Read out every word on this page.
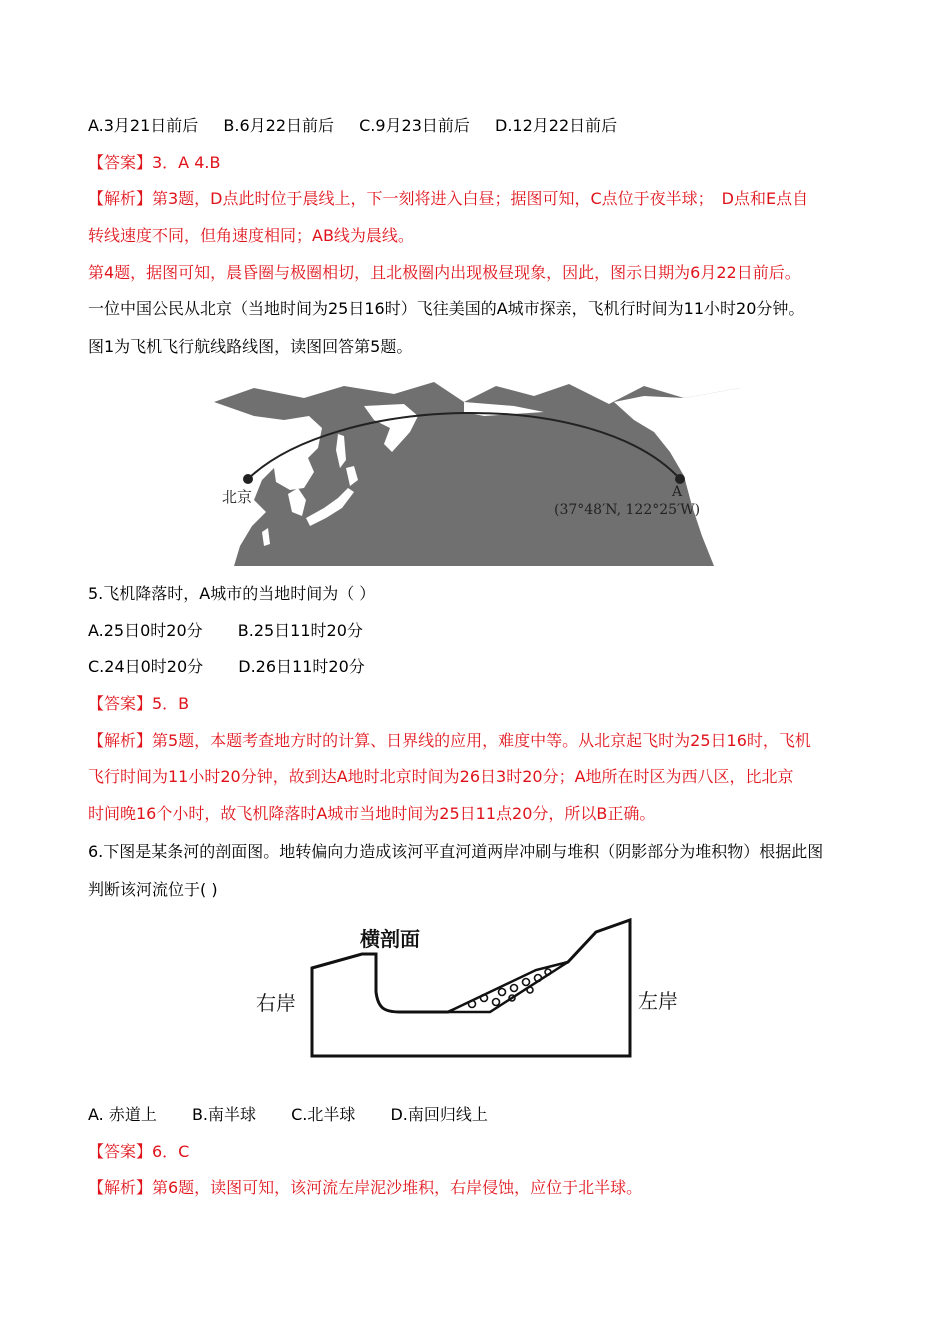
A.3月21日前后 B.6月22日前后 C.9月23日前后 D.12月22日前后
【答案】3．A 4.B
【解析】第3题，D点此时位于晨线上，下一刻将进入白昼；据图可知，C点位于夜半球；　D点和E点自
转线速度不同，但角速度相同；AB线为晨线。
第4题，据图可知，晨昏圈与极圈相切，且北极圈内出现极昼现象，因此，图示日期为6月22日前后。
一位中国公民从北京（当地时间为25日16时）飞往美国的A城市探亲，飞机行时间为11小时20分钟。
图1为飞机飞行航线路线图，读图回答第5题。
北京	A
(37°48′N, 122°25′W)
5.飞机降落时，A城市的当地时间为（ ）
A.25日0时20分 B.25日11时20分
C.24日0时20分 D.26日11时20分
【答案】5．B
【解析】第5题，本题考查地方时的计算、日界线的应用，难度中等。从北京起飞时为25日16时，飞机
飞行时间为11小时20分钟，故到达A地时北京时间为26日3时20分；A地所在时区为西八区，比北京
时间晚16个小时，故飞机降落时A城市当地时间为25日11点20分，所以B正确。
6.下图是某条河的剖面图。地转偏向力造成该河平直河道两岸冲刷与堆积（阴影部分为堆积物）根据此图
判断该河流位于( )
横剖面
右岸	左岸
A. 赤道上 B.南半球 C.北半球 D.南回归线上
【答案】6．C
【解析】第6题，读图可知，该河流左岸泥沙堆积，右岸侵蚀，应位于北半球。
